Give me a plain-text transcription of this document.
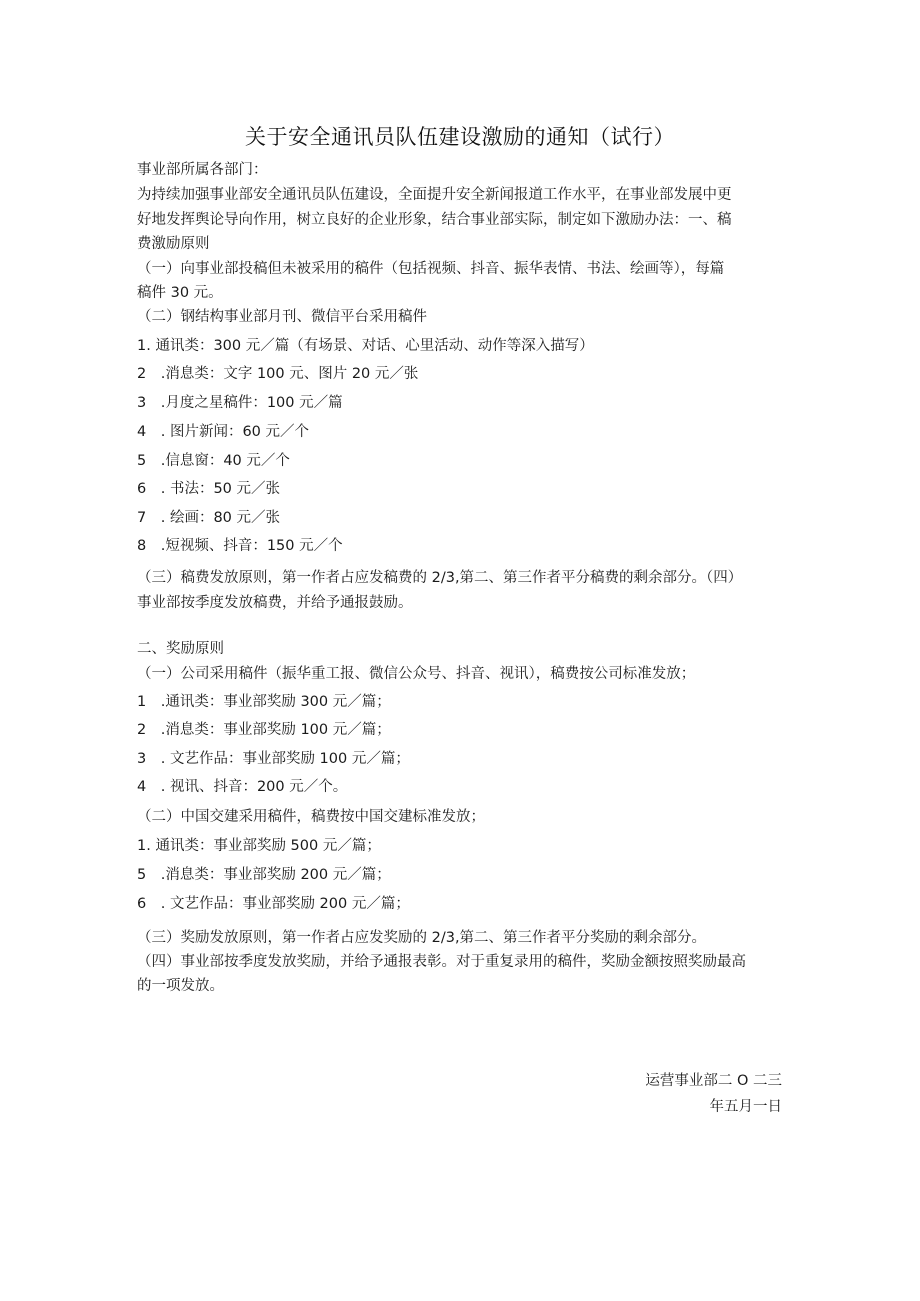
关于安全通讯员队伍建设激励的通知（试行）
事业部所属各部门：
为持续加强事业部安全通讯员队伍建设，全面提升安全新闻报道工作水平，在事业部发展中更
好地发挥舆论导向作用，树立良好的企业形象，结合事业部实际，制定如下激励办法：一、稿
费激励原则
（一）向事业部投稿但未被采用的稿件（包括视频、抖音、振华表情、书法、绘画等），每篇
稿件 30 元。
（二）钢结构事业部月刊、微信平台采用稿件
1. 通讯类：300 元／篇（有场景、对话、心里活动、动作等深入描写）
2　.消息类：文字 100 元、图片 20 元／张
3　.月度之星稿件：100 元／篇
4　. 图片新闻：60 元／个
5　.信息窗：40 元／个
6　. 书法：50 元／张
7　. 绘画：80 元／张
8　.短视频、抖音：150 元／个
（三）稿费发放原则，第一作者占应发稿费的 2/3,第二、第三作者平分稿费的剩余部分。（四）
事业部按季度发放稿费，并给予通报鼓励。
二、奖励原则
（一）公司采用稿件（振华重工报、微信公众号、抖音、视讯），稿费按公司标准发放；
1　.通讯类：事业部奖励 300 元／篇；
2　.消息类：事业部奖励 100 元／篇；
3　. 文艺作品：事业部奖励 100 元／篇；
4　. 视讯、抖音：200 元／个。
（二）中国交建采用稿件，稿费按中国交建标准发放；
1. 通讯类：事业部奖励 500 元／篇；
5　.消息类：事业部奖励 200 元／篇；
6　. 文艺作品：事业部奖励 200 元／篇；
（三）奖励发放原则，第一作者占应发奖励的 2/3,第二、第三作者平分奖励的剩余部分。
（四）事业部按季度发放奖励，并给予通报表彰。对于重复录用的稿件，奖励金额按照奖励最高
的一项发放。
运营事业部二 O 二三
年五月一日
